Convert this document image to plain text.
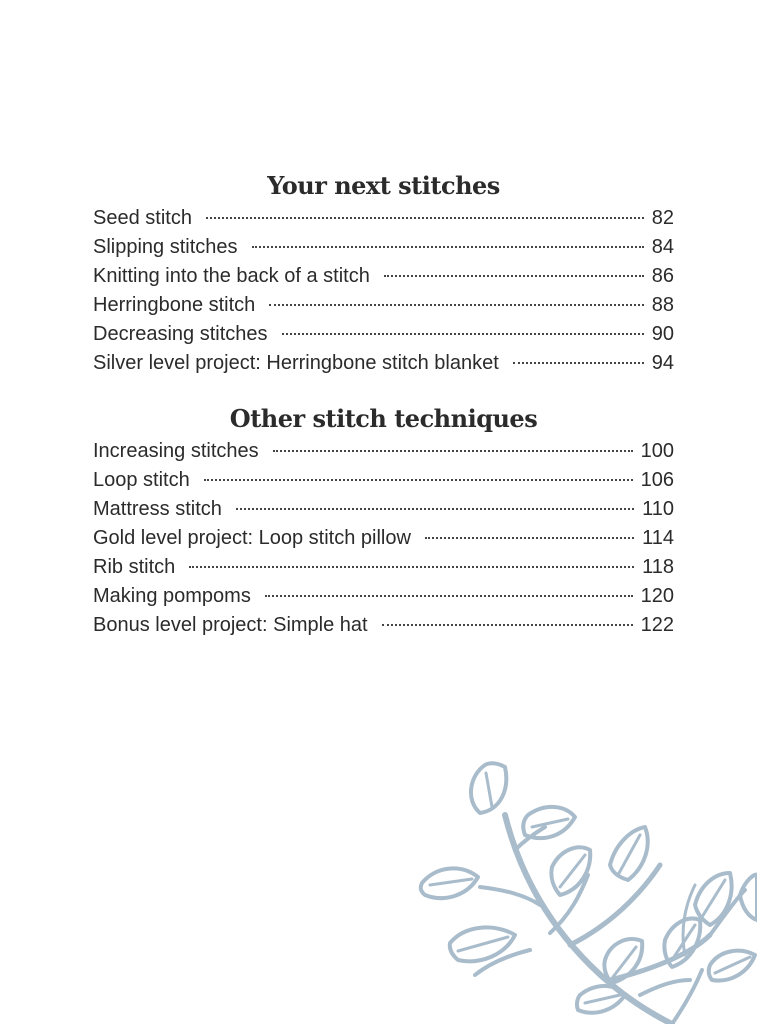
Your next stitches
Seed stitch	82
Slipping stitches	84
Knitting into the back of a stitch	86
Herringbone stitch	88
Decreasing stitches	90
Silver level project: Herringbone stitch blanket	94
Other stitch techniques
Increasing stitches	100
Loop stitch	106
Mattress stitch	110
Gold level project: Loop stitch pillow	114
Rib stitch	118
Making pompoms	120
Bonus level project: Simple hat	122
